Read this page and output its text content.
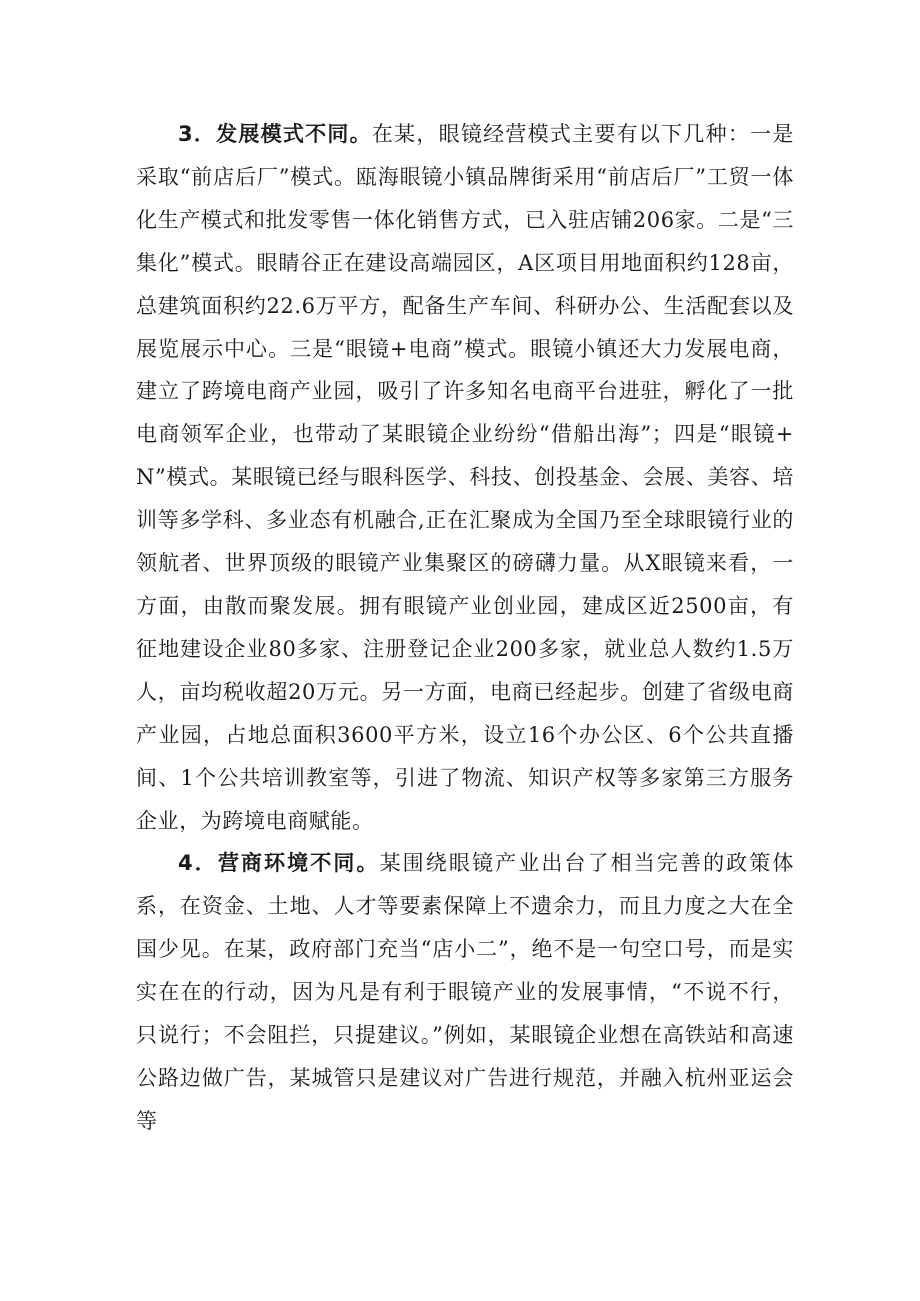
3．发展模式不同。在某，眼镜经营模式主要有以下几种：一是采取“前店后厂”模式。瓯海眼镜小镇品牌街采用“前店后厂”工贸一体化生产模式和批发零售一体化销售方式，已入驻店铺206家。二是“三集化”模式。眼睛谷正在建设高端园区，A区项目用地面积约128亩，总建筑面积约22.6万平方，配备生产车间、科研办公、生活配套以及展览展示中心。三是“眼镜+电商”模式。眼镜小镇还大力发展电商，建立了跨境电商产业园，吸引了许多知名电商平台进驻，孵化了一批电商领军企业，也带动了某眼镜企业纷纷“借船出海”；四是“眼镜+N”模式。某眼镜已经与眼科医学、科技、创投基金、会展、美容、培训等多学科、多业态有机融合,正在汇聚成为全国乃至全球眼镜行业的领航者、世界顶级的眼镜产业集聚区的磅礴力量。从X眼镜来看，一方面，由散而聚发展。拥有眼镜产业创业园，建成区近2500亩，有征地建设企业80多家、注册登记企业200多家，就业总人数约1.5万人，亩均税收超20万元。另一方面，电商已经起步。创建了省级电商产业园，占地总面积3600平方米，设立16个办公区、6个公共直播间、1个公共培训教室等，引进了物流、知识产权等多家第三方服务企业，为跨境电商赋能。

4．营商环境不同。某围绕眼镜产业出台了相当完善的政策体系，在资金、土地、人才等要素保障上不遗余力，而且力度之大在全国少见。在某，政府部门充当“店小二”，绝不是一句空口号，而是实实在在的行动，因为凡是有利于眼镜产业的发展事情，“不说不行，只说行；不会阻拦，只提建议。”例如，某眼镜企业想在高铁站和高速公路边做广告，某城管只是建议对广告进行规范，并融入杭州亚运会等
